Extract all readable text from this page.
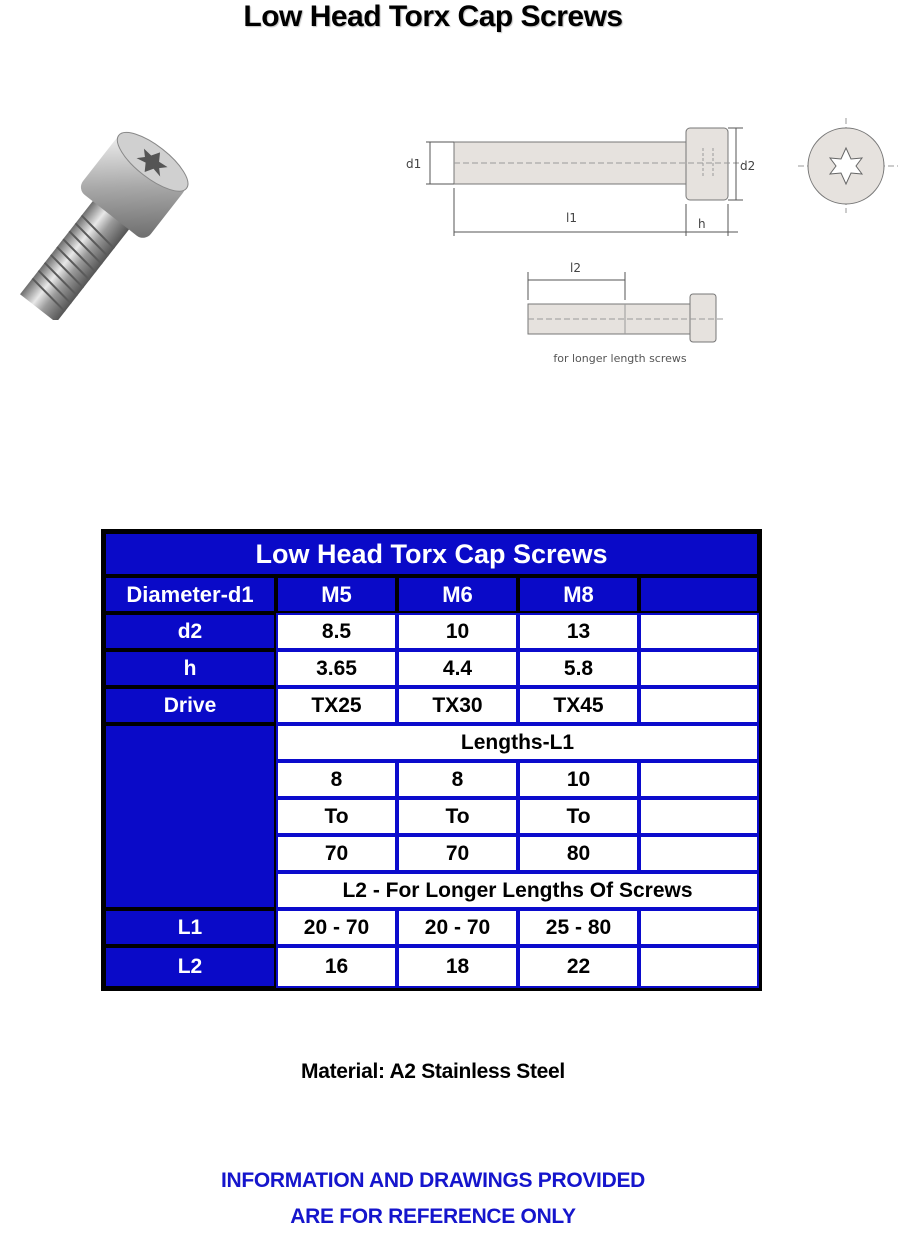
Low Head Torx Cap Screws
d1	d2
l1	h
l2
for longer length screws
Low Head Torx Cap Screws				
Diameter-d1	M5	M6	M8	
d2	8.5	10	13	
h	3.65	4.4	5.8	
Drive	TX25	TX30	TX45	
	Lengths-L1			
	8	8	10	
	To	To	To	
	70	70	80	
	L2 - For Longer Lengths Of Screws			
L1	20 - 70	20 - 70	25 - 80	
L2	16	18	22	
Material: A2 Stainless Steel
INFORMATION AND DRAWINGS PROVIDED
ARE FOR REFERENCE ONLY
